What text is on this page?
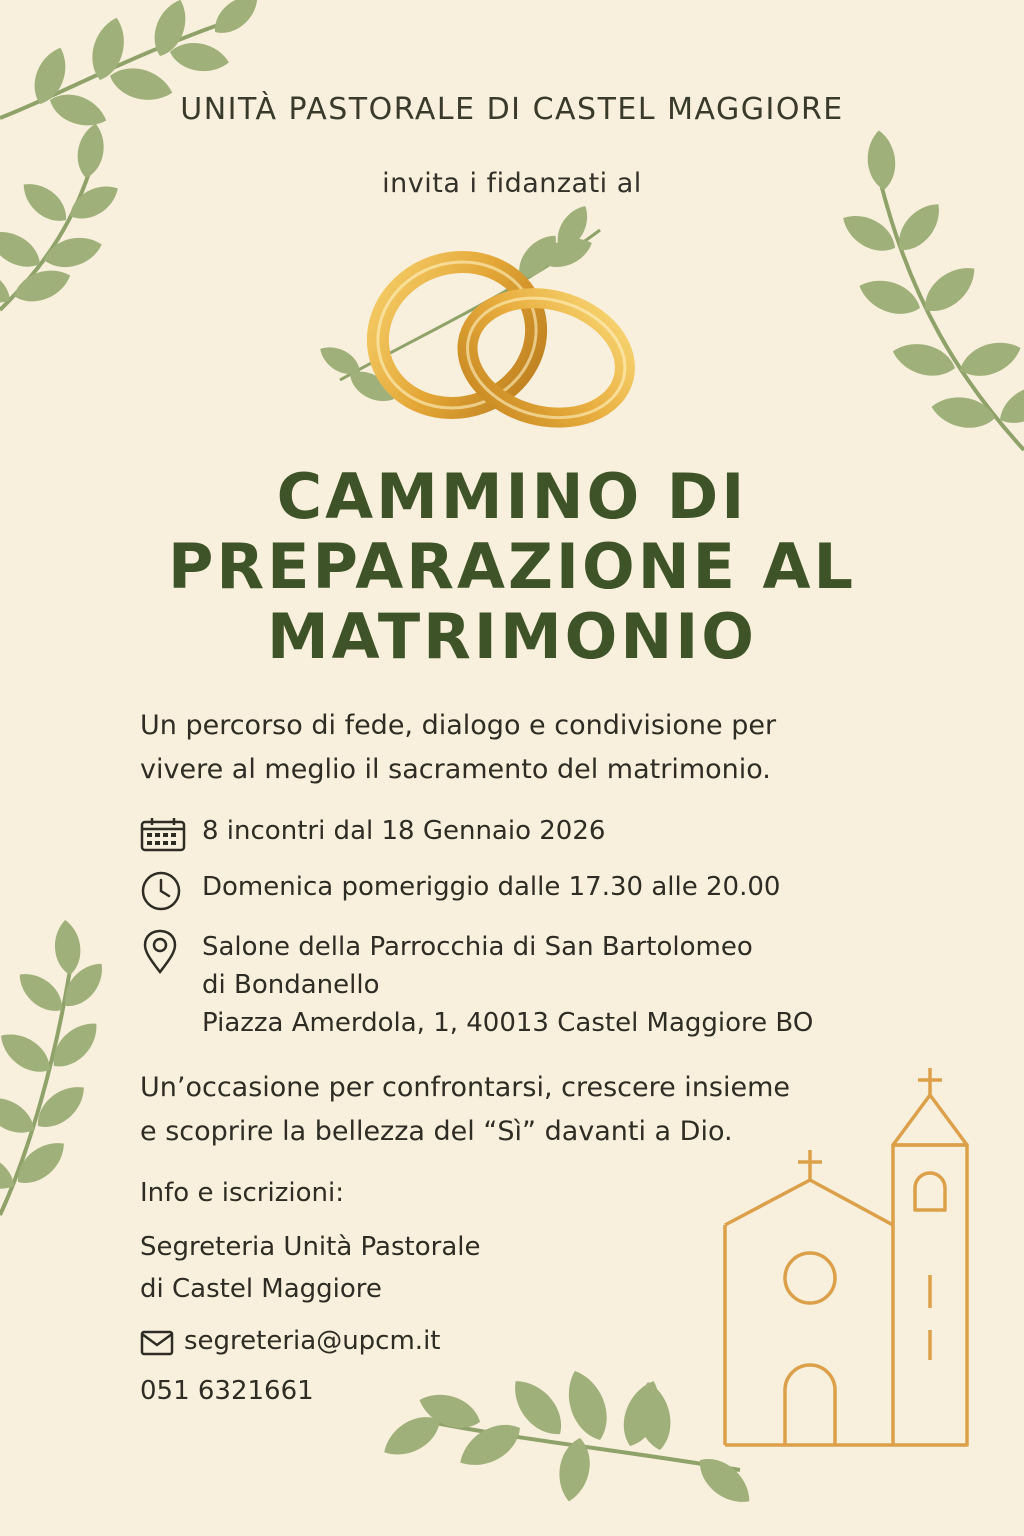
UNITÀ PASTORALE DI CASTEL MAGGIORE
invita i fidanzati al
CAMMINO DI
PREPARAZIONE AL
MATRIMONIO
Un percorso di fede, dialogo e condivisione per
vivere al meglio il sacramento del matrimonio.
8 incontri dal 18 Gennaio 2026
Domenica pomeriggio dalle 17.30 alle 20.00
Salone della Parrocchia di San Bartolomeo
di Bondanello
Piazza Amerdola, 1, 40013 Castel Maggiore BO
Un’occasione per confrontarsi, crescere insieme
e scoprire la bellezza del “Sì” davanti a Dio.
Info e iscrizioni:
Segreteria Unità Pastorale
di Castel Maggiore
segreteria@upcm.it
051 6321661
